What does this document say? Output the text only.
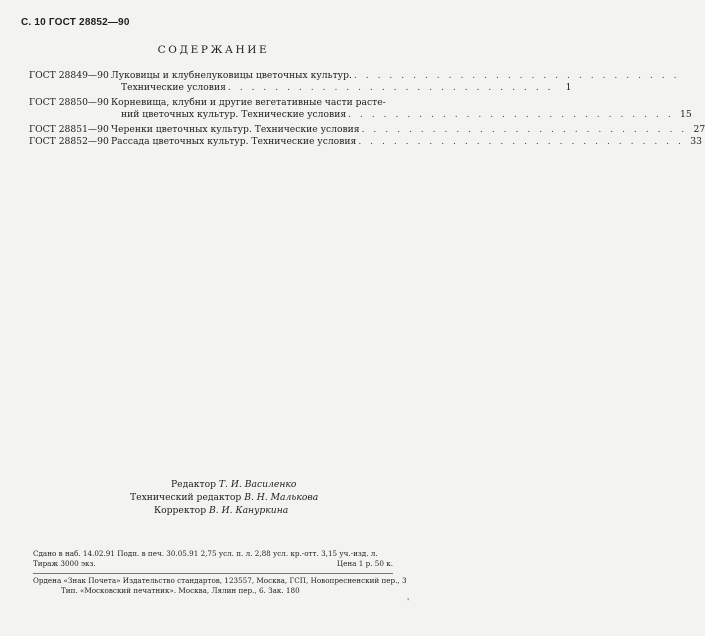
С. 10 ГОСТ 28852—90
СОДЕРЖАНИЕ
ГОСТ 28849—90 Луковицы и клубнелуковицы цветочных культур.
. . .
Технические условия . . .	1
ГОСТ 28850—90 Корневища, клубни и другие вегетативные части расте-
ний цветочных культур. Технические условия . . .	15
ГОСТ 28851—90 Черенки цветочных культур. Технические условия . . .	27
ГОСТ 28852—90 Рассада цветочных культур. Технические условия . . .	33
Редактор Т. И. Василенко
Технический редактор В. Н. Малькова
Корректор В. И. Кануркина
Сдано в наб. 14.02.91 Подп. в печ. 30.05.91 2,75 усл. п. л. 2,88 усл. кр.-отт. 3,15 уч.-изд. л.
Тираж 3000 экз.	Цена 1 р. 50 к.
Ордена «Знак Почета» Издательство стандартов, 123557, Москва, ГСП, Новопресненский пер., 3
Тип. «Московский печатник». Москва, Лялин пер., 6. Зак. 180
'
